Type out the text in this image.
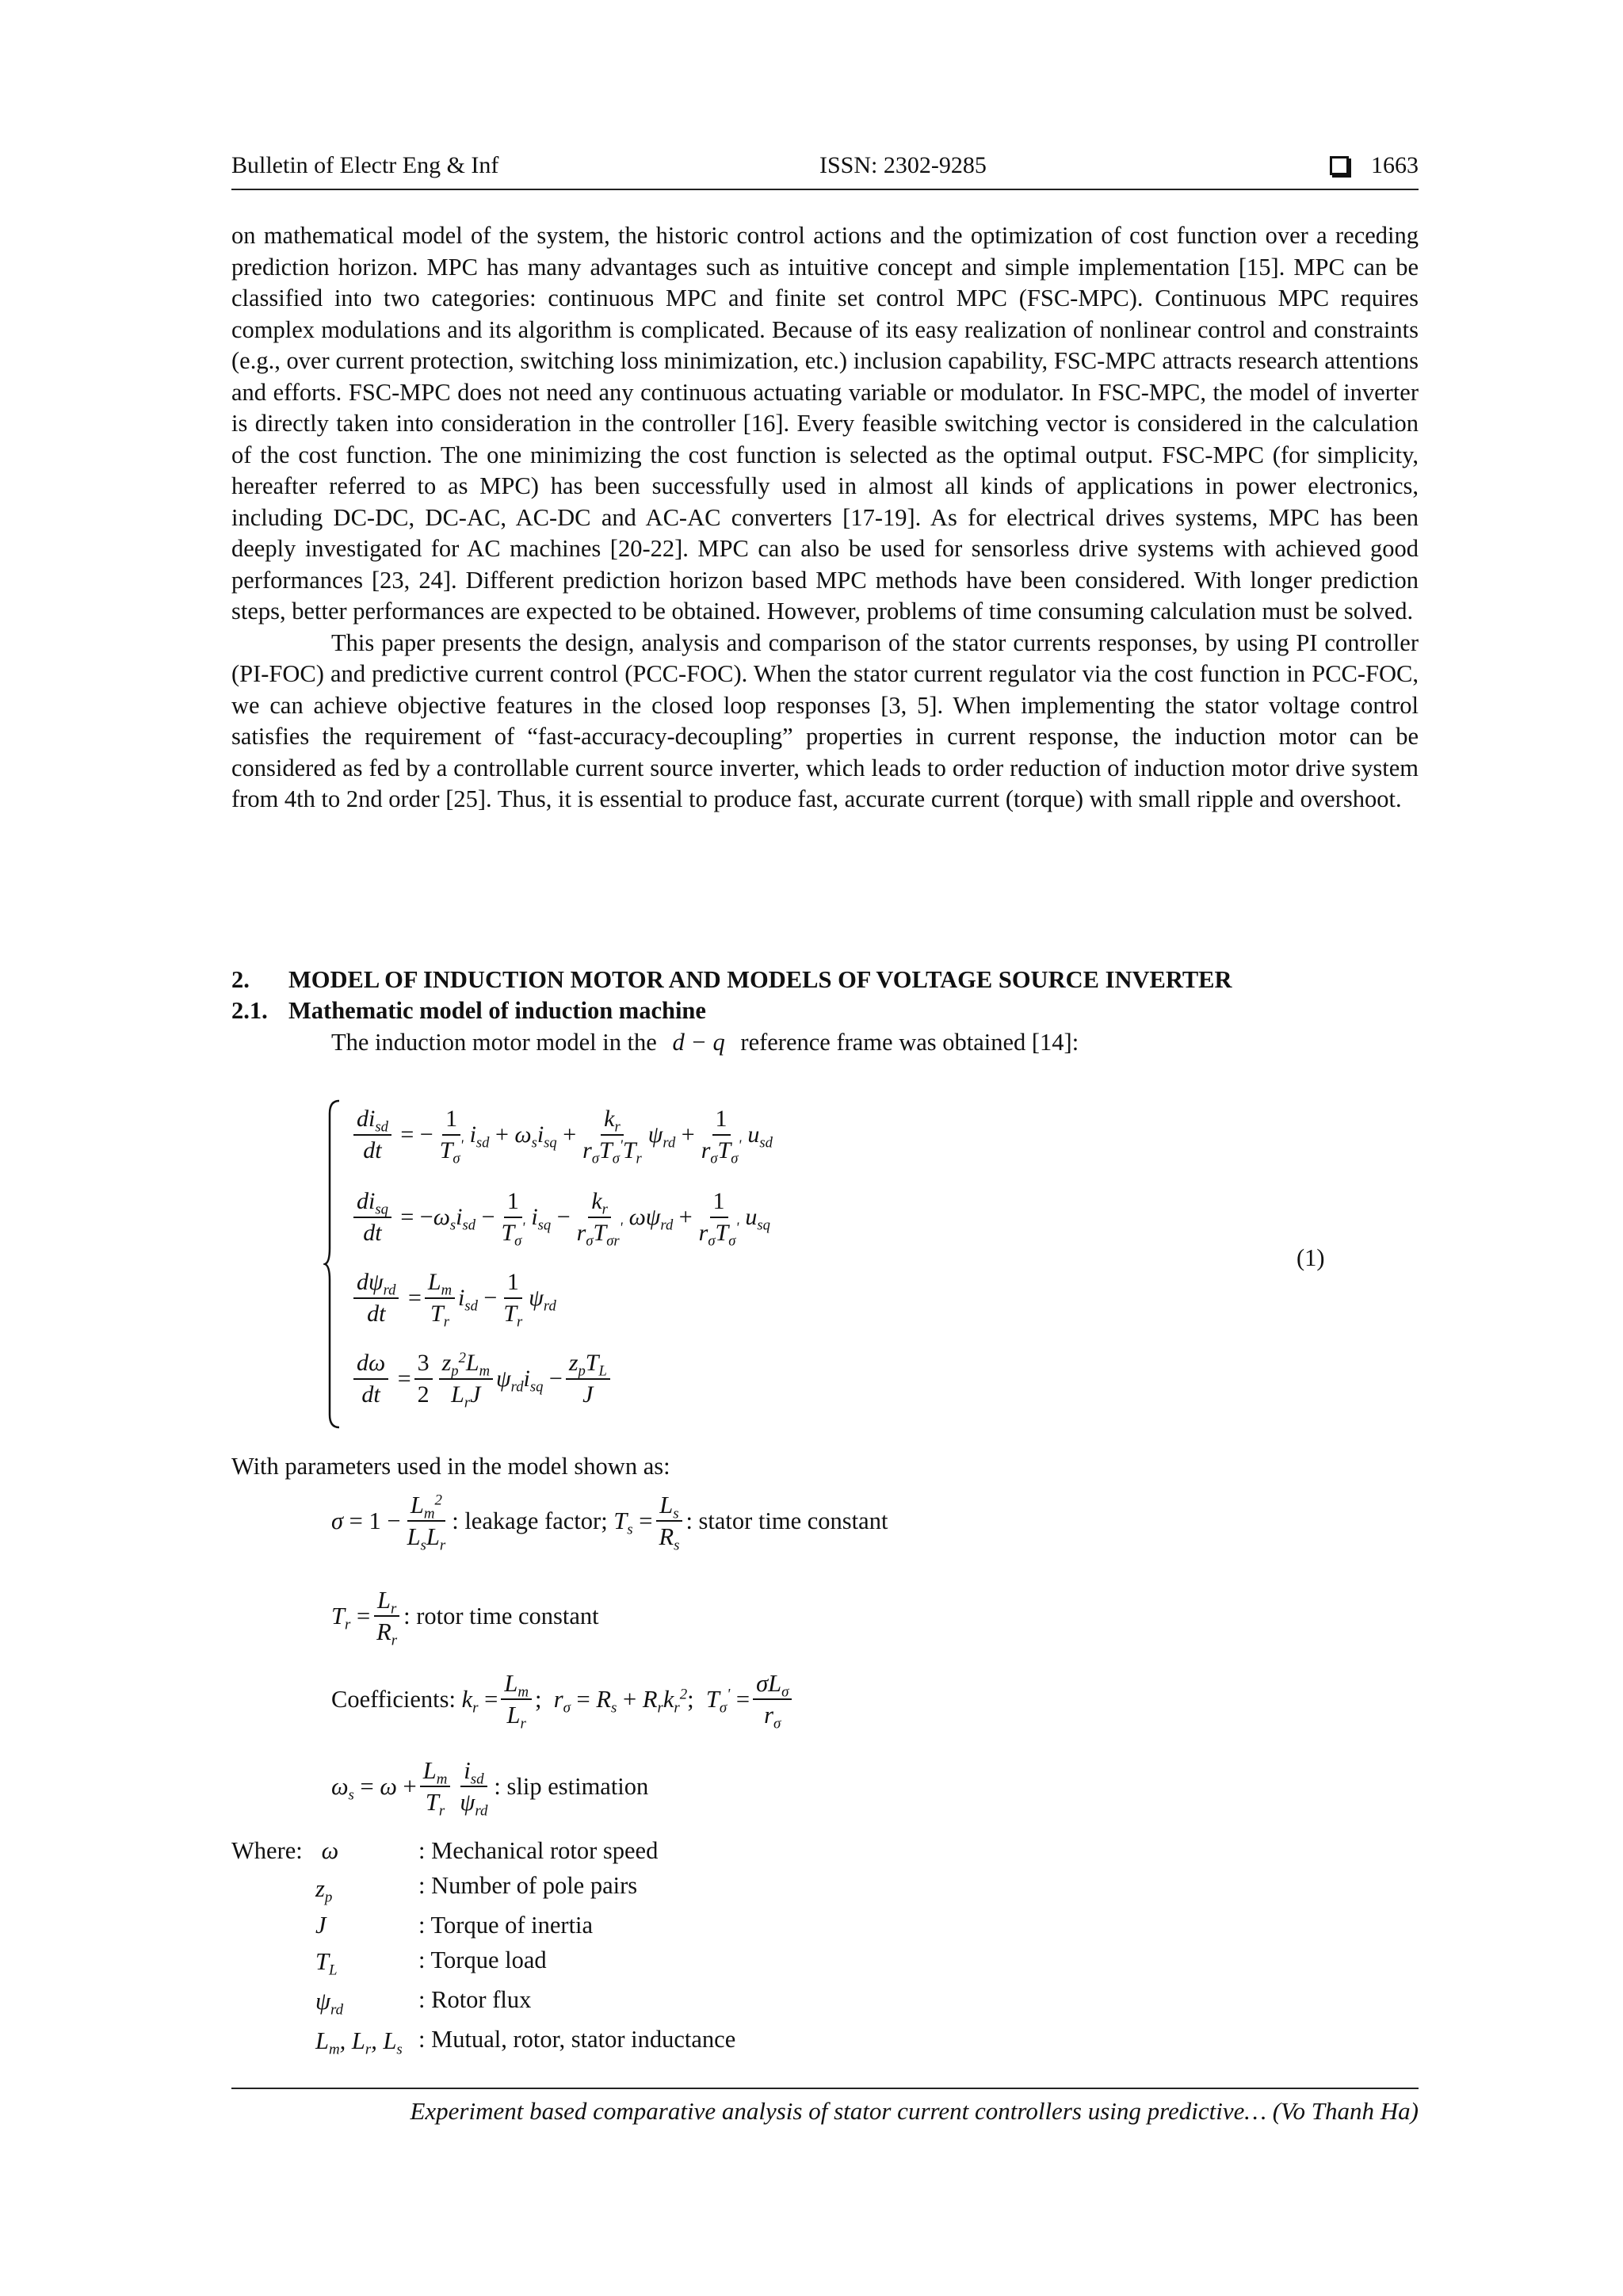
Bulletin of Electr Eng & Inf	ISSN: 2302-9285	1663

on mathematical model of the system, the historic control actions and the optimization of cost function over a receding prediction horizon. MPC has many advantages such as intuitive concept and simple implementation [15]. MPC can be classified into two categories: continuous MPC and finite set control MPC (FSC-MPC). Continuous MPC requires complex modulations and its algorithm is complicated. Because of its easy realization of nonlinear control and constraints (e.g., over current protection, switching loss minimization, etc.) inclusion capability, FSC-MPC attracts research attentions and efforts. FSC-MPC does not need any continuous actuating variable or modulator. In FSC-MPC, the model of inverter is directly taken into consideration in the controller [16]. Every feasible switching vector is considered in the calculation of the cost function. The one minimizing the cost function is selected as the optimal output. FSC-MPC (for simplicity, hereafter referred to as MPC) has been successfully used in almost all kinds of applications in power electronics, including DC-DC, DC-AC, AC-DC and AC-AC converters [17-19]. As for electrical drives systems, MPC has been deeply investigated for AC machines [20-22]. MPC can also be used for sensorless drive systems with achieved good performances [23, 24]. Different prediction horizon based MPC methods have been considered. With longer prediction steps, better performances are expected to be obtained. However, problems of time consuming calculation must be solved.

This paper presents the design, analysis and comparison of the stator currents responses, by using PI controller (PI-FOC) and predictive current control (PCC-FOC). When the stator current regulator via the cost function in PCC-FOC, we can achieve objective features in the closed loop responses [3, 5]. When implementing the stator voltage control satisfies the requirement of “fast-accuracy-decoupling” properties in current response, the induction motor can be considered as fed by a controllable current source inverter, which leads to order reduction of induction motor drive system from 4th to 2nd order [25]. Thus, it is essential to produce fast, accurate current (torque) with small ripple and overshoot.

2. MODEL OF INDUCTION MOTOR AND MODELS OF VOLTAGE SOURCE INVERTER
2.1. Mathematic model of induction machine
The induction motor model in the d − q reference frame was obtained [14]:
$\frac{di_{sd}}{dt}$ = − $\frac{1}{T_\sigma'} i_{sd} + \omega_si_{sq} + \frac{k_r}{r_\sigma T_\sigma'T_r} \psi_{rd} + \frac{1}{r_\sigma T_\sigma'} u_{sd}$
$\frac{di_{sq}}{dt}$ = − $\omega_si_{sd} - \frac{1}{T_\sigma'} i_{sq} - \frac{k_r}{r_\sigma T_{\sigma r}'} \omega\psi_{rd} + \frac{1}{r_\sigma T_\sigma'} u_{sq}$
$\frac{d\psi_{rd}}{dt} = \frac{L_m}{T_r} i_{sd} - \frac{1}{T_r} \psi_{rd}$
$\frac{d\omega}{dt} = \frac{3}{2} \frac{z_p^2L_m}{L_rJ} \psi_{rd}i_{sq} - \frac{z_pT_L}{J}$
(1)
With parameters used in the model shown as:
$\sigma = 1 - \frac{L_m^2}{L_sL_r}$ : leakage factor; $T_s = \frac{L_s}{R_s}$ : stator time constant
$T_r = \frac{L_r}{R_r}$ : rotor time constant
Coefficients: $k_r = \frac{L_m}{L_r}$ ; $r_\sigma = R_s + R_rk_r^2$ ; $T_\sigma' = \frac{\sigma L_\sigma}{r_\sigma}$
$\omega_s = \omega + \frac{L_m}{T_r} \frac{i_{sd}}{\psi_{rd}}$ : slip estimation
Where: ω	: Mechanical rotor speed
$z_p$	: Number of pole pairs
J	: Torque of inertia
$T_L$	: Torque load
$\psi_{rd}$	: Rotor flux
$L_m$, $L_r$, $L_s$ : Mutual, rotor, stator inductance
Experiment based comparative analysis of stator current controllers using predictive… (Vo Thanh Ha)
